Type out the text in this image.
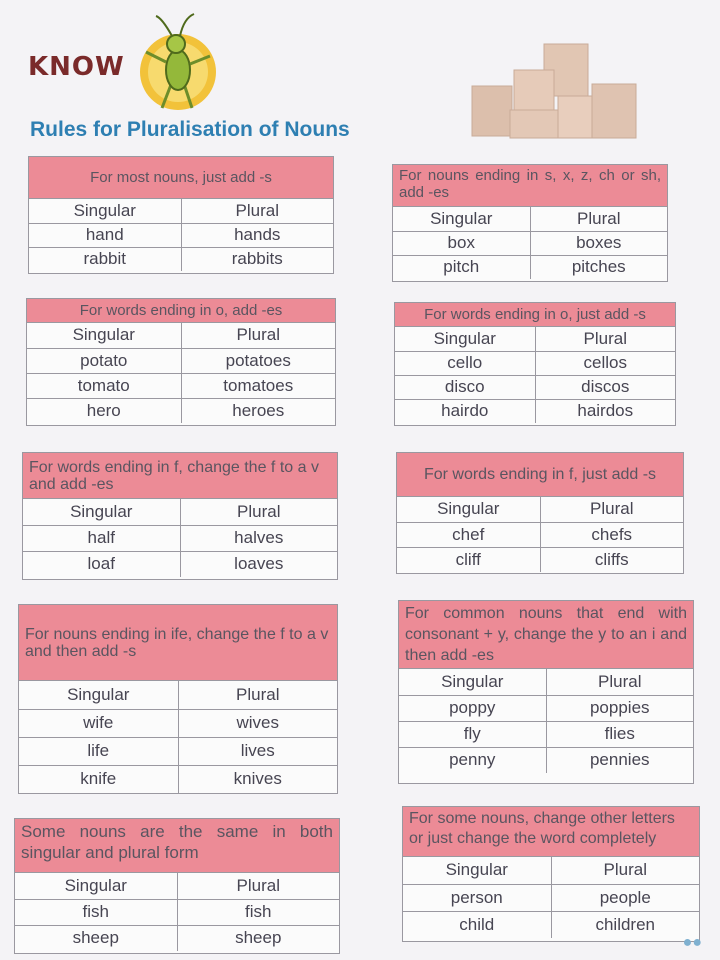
KNOW
Rules for Pluralisation of Nouns
For most nouns, just add -s
Singular	Plural
hand	hands
rabbit	rabbits
For nouns ending in s, x, z, ch or sh, add -es
Singular	Plural
box	boxes
pitch	pitches
For words ending in o, add -es
Singular	Plural
potato	potatoes
tomato	tomatoes
hero	heroes
For words ending in o, just add -s
Singular	Plural
cello	cellos
disco	discos
hairdo	hairdos
For words ending in f, change the f to a v and add -es
Singular	Plural
half	halves
loaf	loaves
For words ending in f, just add -s
Singular	Plural
chef	chefs
cliff	cliffs
For nouns ending in ife, change the f to a v and then add -s
Singular	Plural
wife	wives
life	lives
knife	knives
For common nouns that end with consonant + y, change the y to an i and then add -es
Singular	Plural
poppy	poppies
fly	flies
penny	pennies
Some nouns are the same in both singular and plural form
Singular	Plural
fish	fish
sheep	sheep
For some nouns, change other letters or just change the word completely
Singular	Plural
person	people
child	children
●●
